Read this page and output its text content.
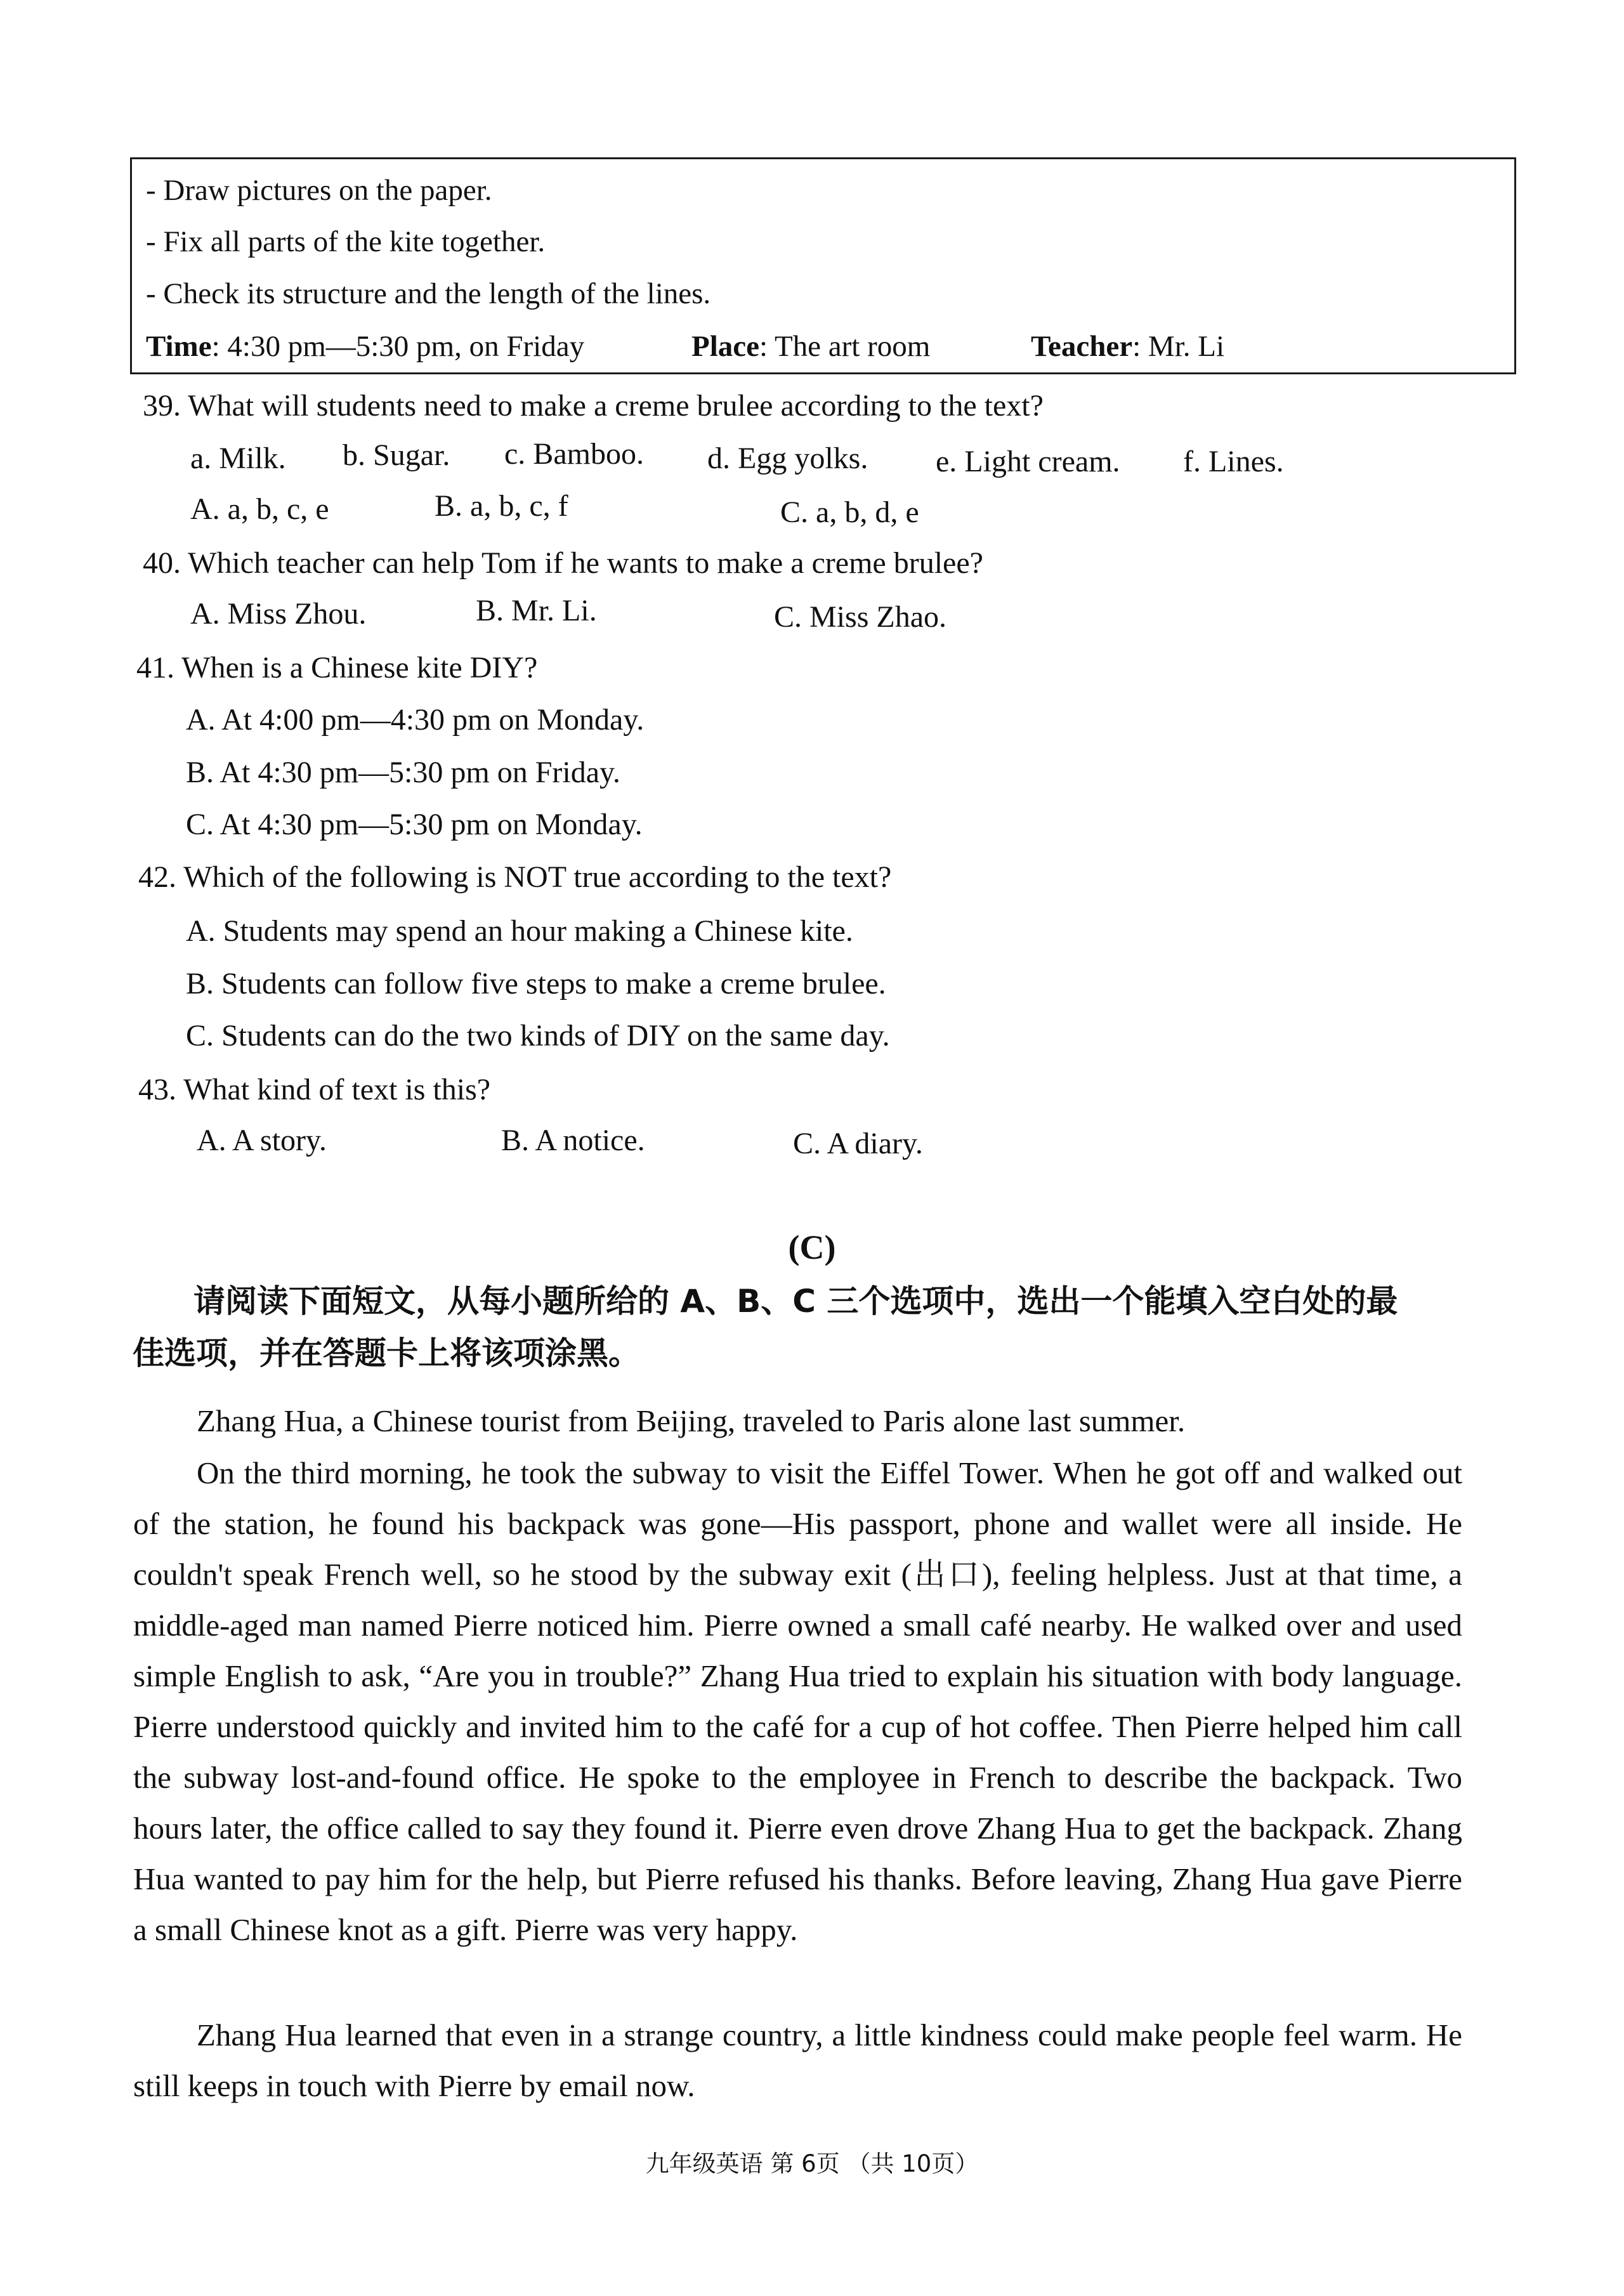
- Draw pictures on the paper.
- Fix all parts of the kite together.
- Check its structure and the length of the lines.
Time: 4:30 pm—5:30 pm, on Friday	Place: The art room	Teacher: Mr. Li
39. What will students need to make a creme brulee according to the text?
a. Milk. b. Sugar. c. Bamboo. d. Egg yolks. e. Light cream. f. Lines.
A. a, b, c, e	B. a, b, c, f	C. a, b, d, e
40. Which teacher can help Tom if he wants to make a creme brulee?
A. Miss Zhou.	B. Mr. Li.	C. Miss Zhao.
41. When is a Chinese kite DIY?
A. At 4:00 pm—4:30 pm on Monday.
B. At 4:30 pm—5:30 pm on Friday.
C. At 4:30 pm—5:30 pm on Monday.
42. Which of the following is NOT true according to the text?
A. Students may spend an hour making a Chinese kite.
B. Students can follow five steps to make a creme brulee.
C. Students can do the two kinds of DIY on the same day.
43. What kind of text is this?
A. A story.	B. A notice.	C. A diary.
(C)
请阅读下面短文，从每小题所给的 A、B、C 三个选项中，选出一个能填入空白处的最
佳选项，并在答题卡上将该项涂黑。
Zhang Hua, a Chinese tourist from Beijing, traveled to Paris alone last summer.
On the third morning, he took the subway to visit the Eiffel Tower. When he got off and walked out of the station, he found his backpack was gone—His passport, phone and wallet were all inside. He couldn't speak French well, so he stood by the subway exit (出口), feeling helpless. Just at that time, a middle-aged man named Pierre noticed him. Pierre owned a small café nearby. He walked over and used simple English to ask, “Are you in trouble?” Zhang Hua tried to explain his situation with body language. Pierre understood quickly and invited him to the café for a cup of hot coffee. Then Pierre helped him call the subway lost-and-found office. He spoke to the employee in French to describe the backpack. Two hours later, the office called to say they found it. Pierre even drove Zhang Hua to get the backpack. Zhang Hua wanted to pay him for the help, but Pierre refused his thanks. Before leaving, Zhang Hua gave Pierre a small Chinese knot as a gift. Pierre was very happy.
Zhang Hua learned that even in a strange country, a little kindness could make people feel warm. He still keeps in touch with Pierre by email now.
九年级英语 第 6页 （共 10页）
